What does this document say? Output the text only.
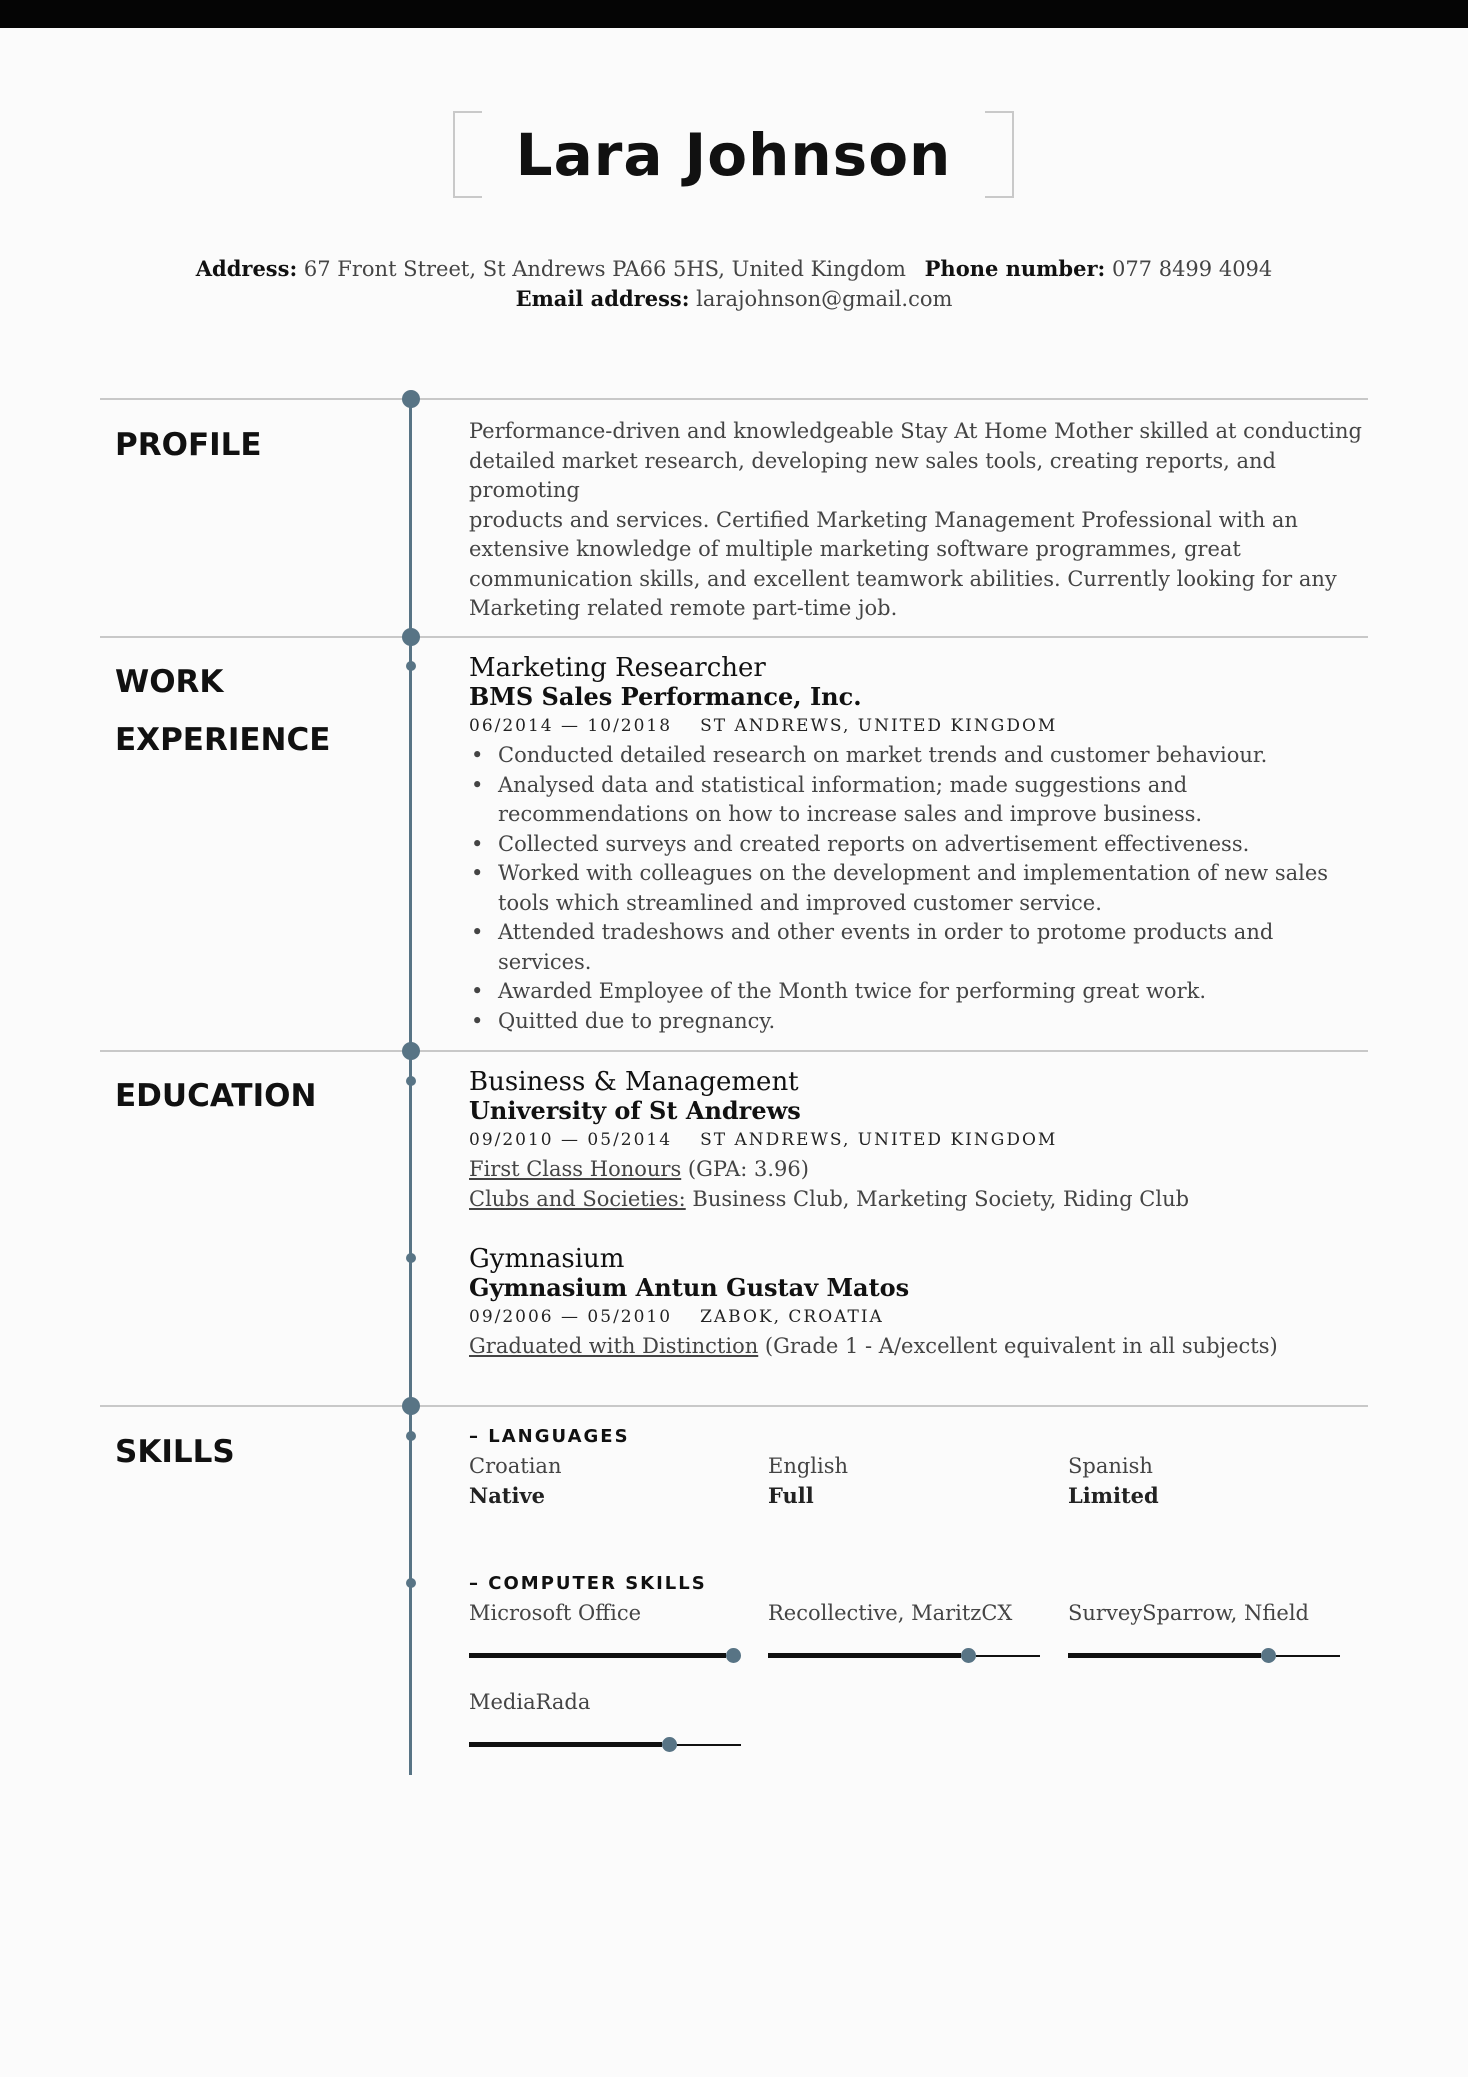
Lara Johnson
Address: 67 Front Street, St Andrews PA66 5HS, United Kingdom Phone number: 077 8499 4094
Email address: larajohnson@gmail.com
PROFILE
WORK
EXPERIENCE
EDUCATION
SKILLS
Performance-driven and knowledgeable Stay At Home Mother skilled at conducting
detailed market research, developing new sales tools, creating reports, and promoting
products and services. Certified Marketing Management Professional with an
extensive knowledge of multiple marketing software programmes, great
communication skills, and excellent teamwork abilities. Currently looking for any
Marketing related remote part-time job.
Marketing Researcher
BMS Sales Performance, Inc.
06/2014 — 10/2018 ST ANDREWS, UNITED KINGDOM
• Conducted detailed research on market trends and customer behaviour.
• Analysed data and statistical information; made suggestions and
recommendations on how to increase sales and improve business.
• Collected surveys and created reports on advertisement effectiveness.
• Worked with colleagues on the development and implementation of new sales
tools which streamlined and improved customer service.
• Attended tradeshows and other events in order to protome products and services.
• Awarded Employee of the Month twice for performing great work.
• Quitted due to pregnancy.
Business & Management
University of St Andrews
09/2010 — 05/2014 ST ANDREWS, UNITED KINGDOM
First Class Honours (GPA: 3.96)
Clubs and Societies: Business Club, Marketing Society, Riding Club
Gymnasium
Gymnasium Antun Gustav Matos
09/2006 — 05/2010 ZABOK, CROATIA
Graduated with Distinction (Grade 1 - A/excellent equivalent in all subjects)
– LANGUAGES
Croatian
Native
English
Full
Spanish
Limited
– COMPUTER SKILLS
Microsoft Office	Recollective, MaritzCX	SurveySparrow, Nfield
MediaRada
